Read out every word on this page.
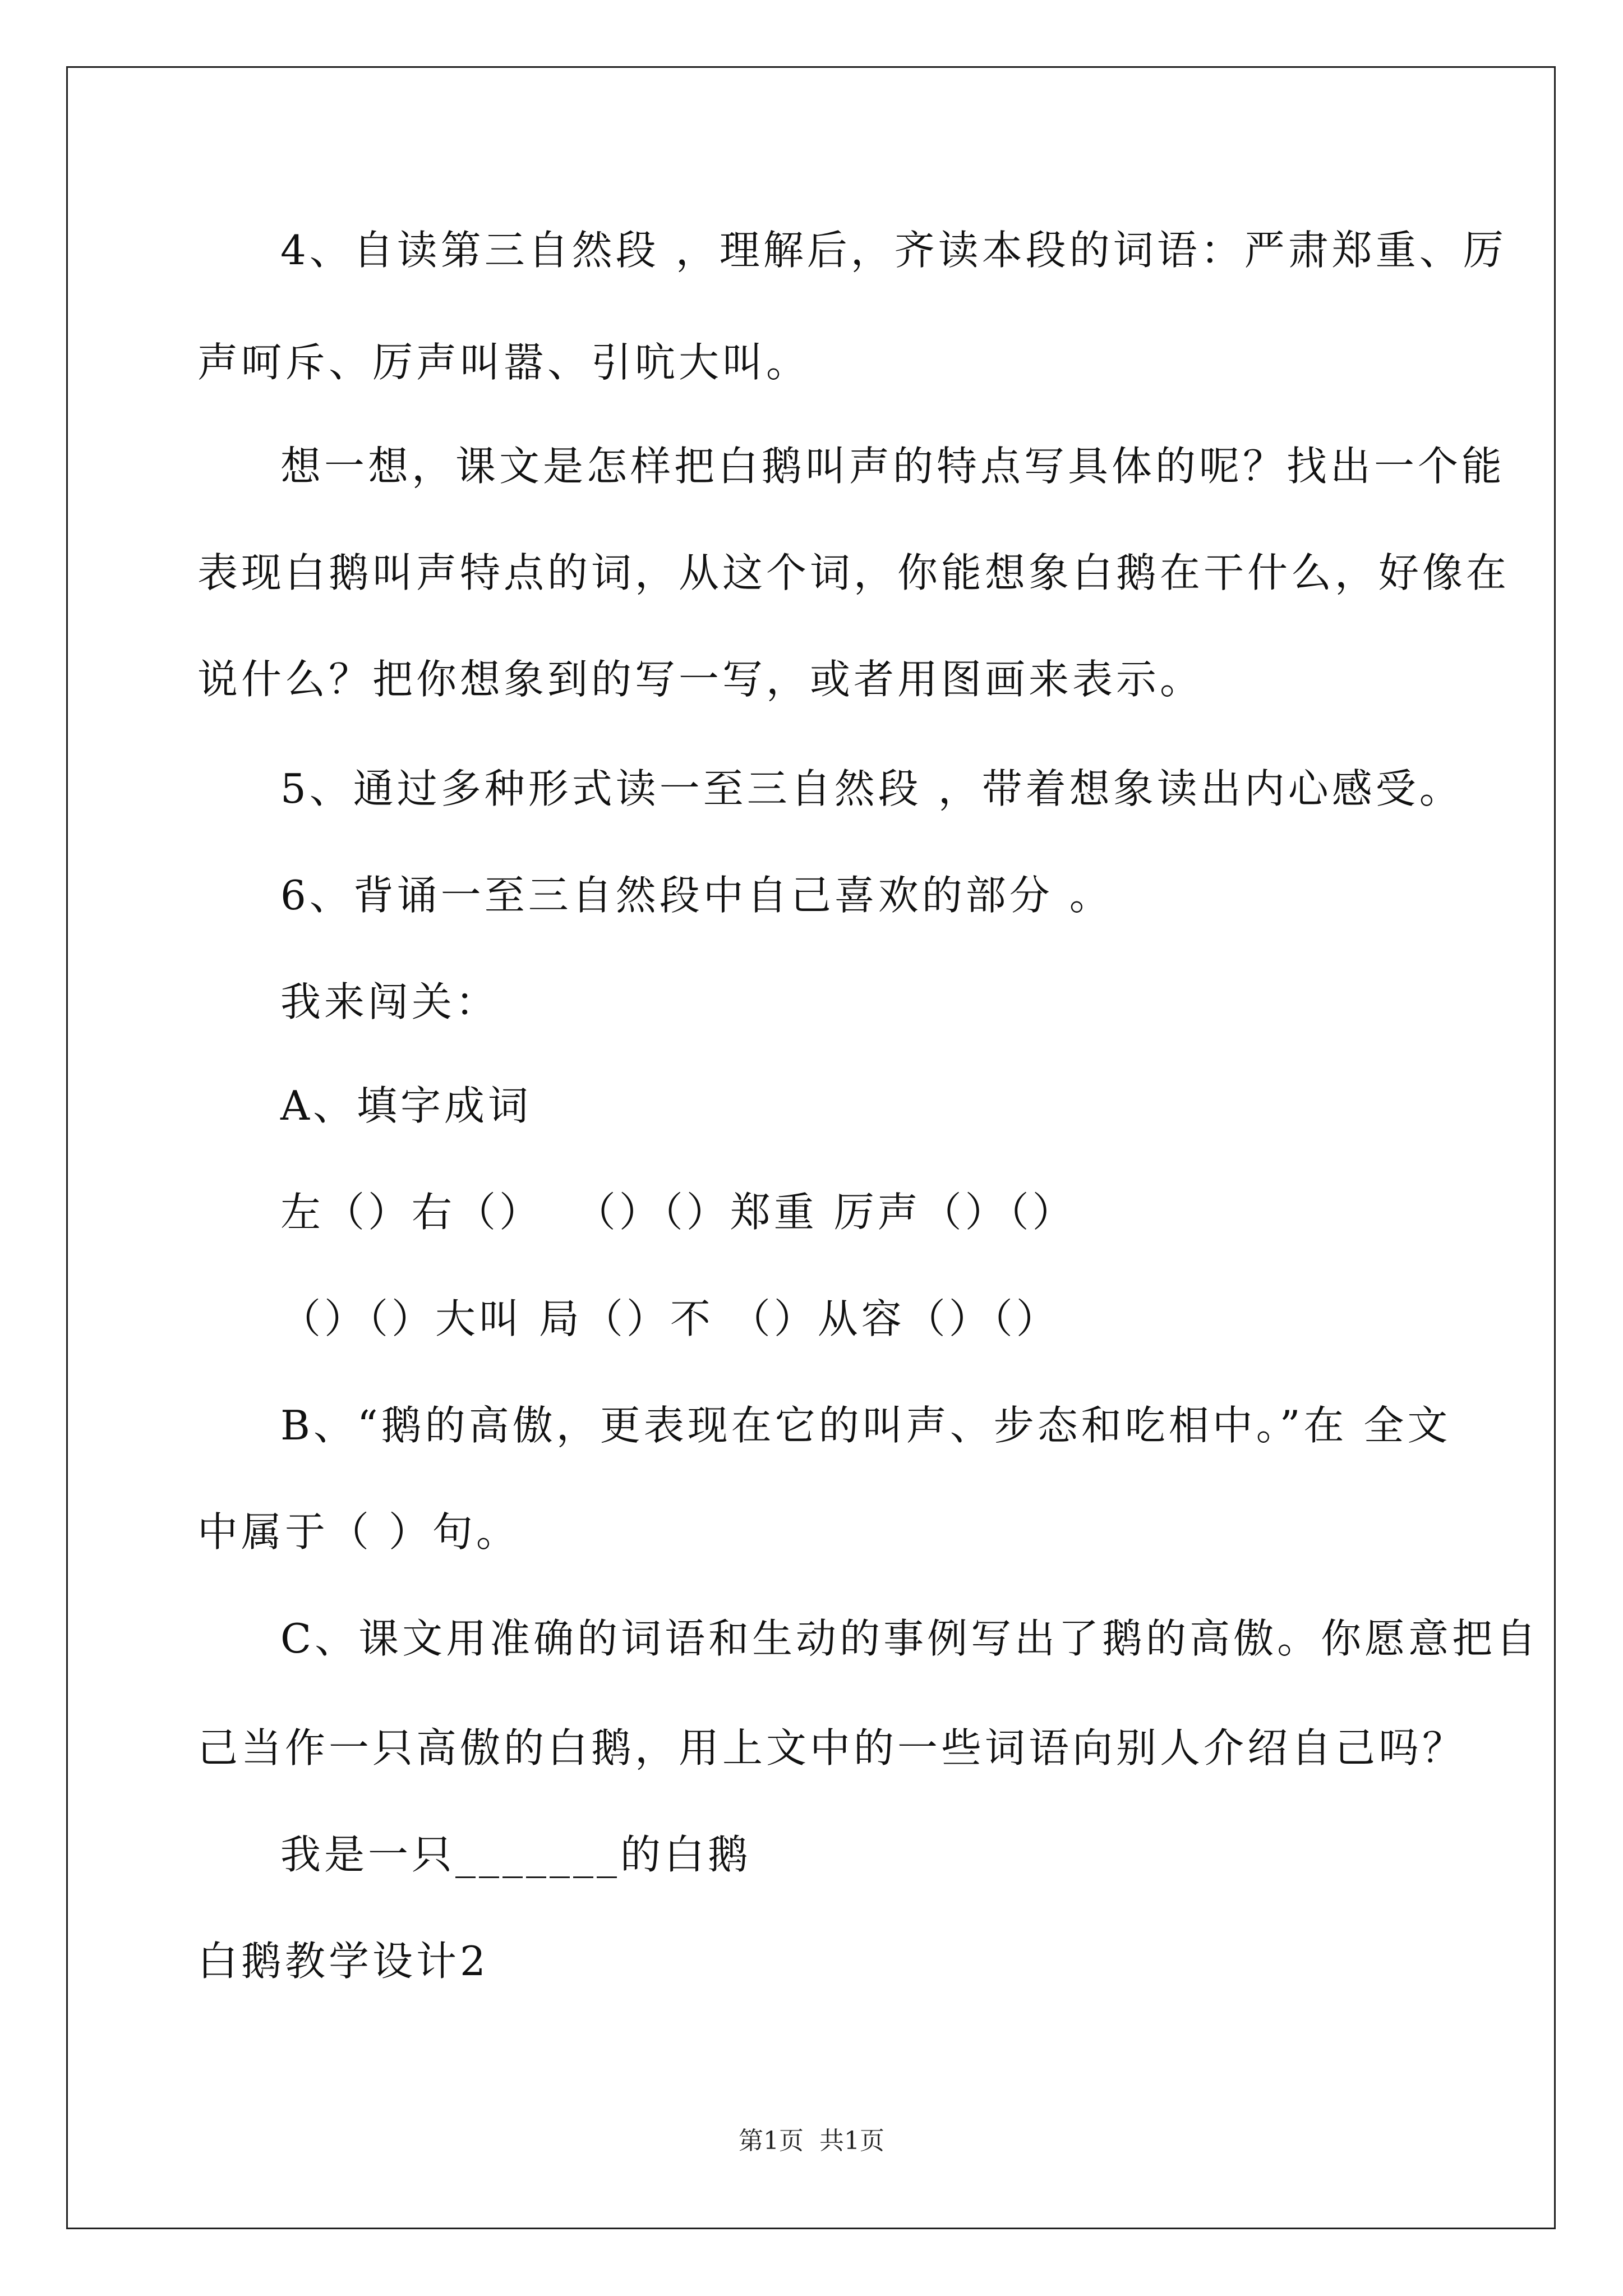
4、自读第三自然段 ，理解后，齐读本段的词语：严肃郑重、厉
声呵斥、厉声叫嚣、引吭大叫。
想一想，课文是怎样把白鹅叫声的特点写具体的呢？找出一个能
表现白鹅叫声特点的词，从这个词，你能想象白鹅在干什么，好像在
说什么？把你想象到的写一写，或者用图画来表示。
5、通过多种形式读一至三自然段 ，带着想象读出内心感受。
6、背诵一至三自然段中自己喜欢的部分 。
我来闯关：
A、填字成词
左（）右（）  （）（）郑重 厉声（）（）
（）（）大叫 局（）不 （）从容（）（）
B、“鹅的高傲，更表现在它的叫声、步态和吃相中。”在 全文
中属于（ ）句。
C、课文用准确的词语和生动的事例写出了鹅的高傲。你愿意把自
己当作一只高傲的白鹅，用上文中的一些词语向别人介绍自己吗？
我是一只_______的白鹅
白鹅教学设计2
第1页  共1页
